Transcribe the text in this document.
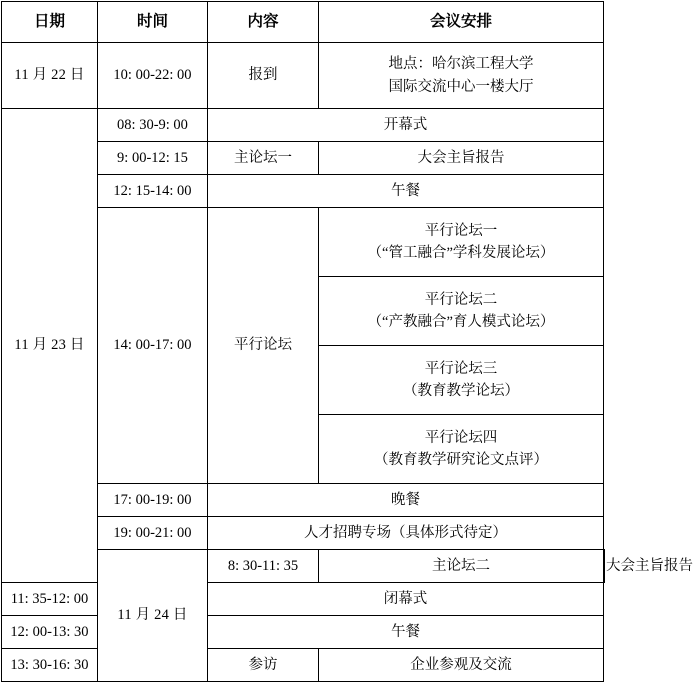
日期	时间	内容	会议安排	
11 月 22 日	10: 00-22: 00	报到	地点：哈尔滨工程大学
国际交流中心一楼大厅	

11 月 23 日	08: 30-9: 00	开幕式		

	9: 00-12: 15	主论坛一	大会主旨报告	

	12: 15-14: 00	午餐		

	14: 00-17: 00	平行论坛	平行论坛一
（“管工融合”学科发展论坛）	

			平行论坛二
（“产教融合”育人模式论坛）	

			平行论坛三
（教育教学论坛）	

			平行论坛四
（教育教学研究论文点评）	

	17: 00-19: 00	晚餐		

	19: 00-21: 00	人才招聘专场（具体形式待定）		

	11 月 24 日	8: 30-11: 35	主论坛二	大会主旨报告

11: 35-12: 00		闭幕式		

12: 00-13: 30		午餐		

13: 30-16: 30		参访	企业参观及交流	
